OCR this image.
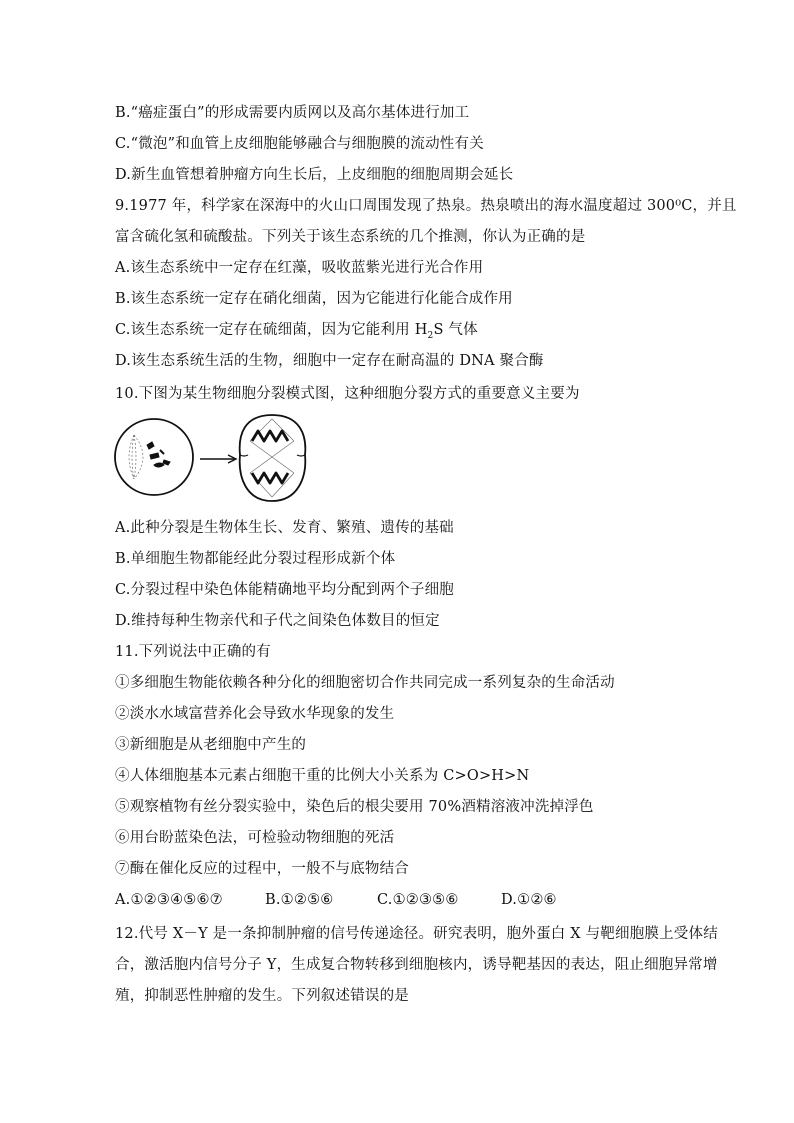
B.“癌症蛋白”的形成需要内质网以及高尔基体进行加工
C.“微泡”和血管上皮细胞能够融合与细胞膜的流动性有关
D.新生血管想着肿瘤方向生长后，上皮细胞的细胞周期会延长
9.1977 年，科学家在深海中的火山口周围发现了热泉。热泉喷出的海水温度超过 300⁰C，并且
富含硫化氢和硫酸盐。下列关于该生态系统的几个推测，你认为正确的是
A.该生态系统中一定存在红藻，吸收蓝紫光进行光合作用
B.该生态系统一定存在硝化细菌，因为它能进行化能合成作用
C.该生态系统一定存在硫细菌，因为它能利用 $H_2S$ 气体
D.该生态系统生活的生物，细胞中一定存在耐高温的 DNA 聚合酶
10.下图为某生物细胞分裂模式图，这种细胞分裂方式的重要意义主要为
A.此种分裂是生物体生长、发育、繁殖、遗传的基础
B.单细胞生物都能经此分裂过程形成新个体
C.分裂过程中染色体能精确地平均分配到两个子细胞
D.维持每种生物亲代和子代之间染色体数目的恒定
11.下列说法中正确的有
①多细胞生物能依赖各种分化的细胞密切合作共同完成一系列复杂的生命活动
②淡水水域富营养化会导致水华现象的发生
③新细胞是从老细胞中产生的
④人体细胞基本元素占细胞干重的比例大小关系为 C>O>H>N
⑤观察植物有丝分裂实验中，染色后的根尖要用 70%酒精溶液冲洗掉浮色
⑥用台盼蓝染色法，可检验动物细胞的死活
⑦酶在催化反应的过程中，一般不与底物结合
A.①②③④⑤⑥⑦	B.①②⑤⑥	C.①②③⑤⑥	D.①②⑥
12.代号 X－Y 是一条抑制肿瘤的信号传递途径。研究表明，胞外蛋白 X 与靶细胞膜上受体结
合，激活胞内信号分子 Y，生成复合物转移到细胞核内，诱导靶基因的表达，阻止细胞异常增
殖，抑制恶性肿瘤的发生。下列叙述错误的是
